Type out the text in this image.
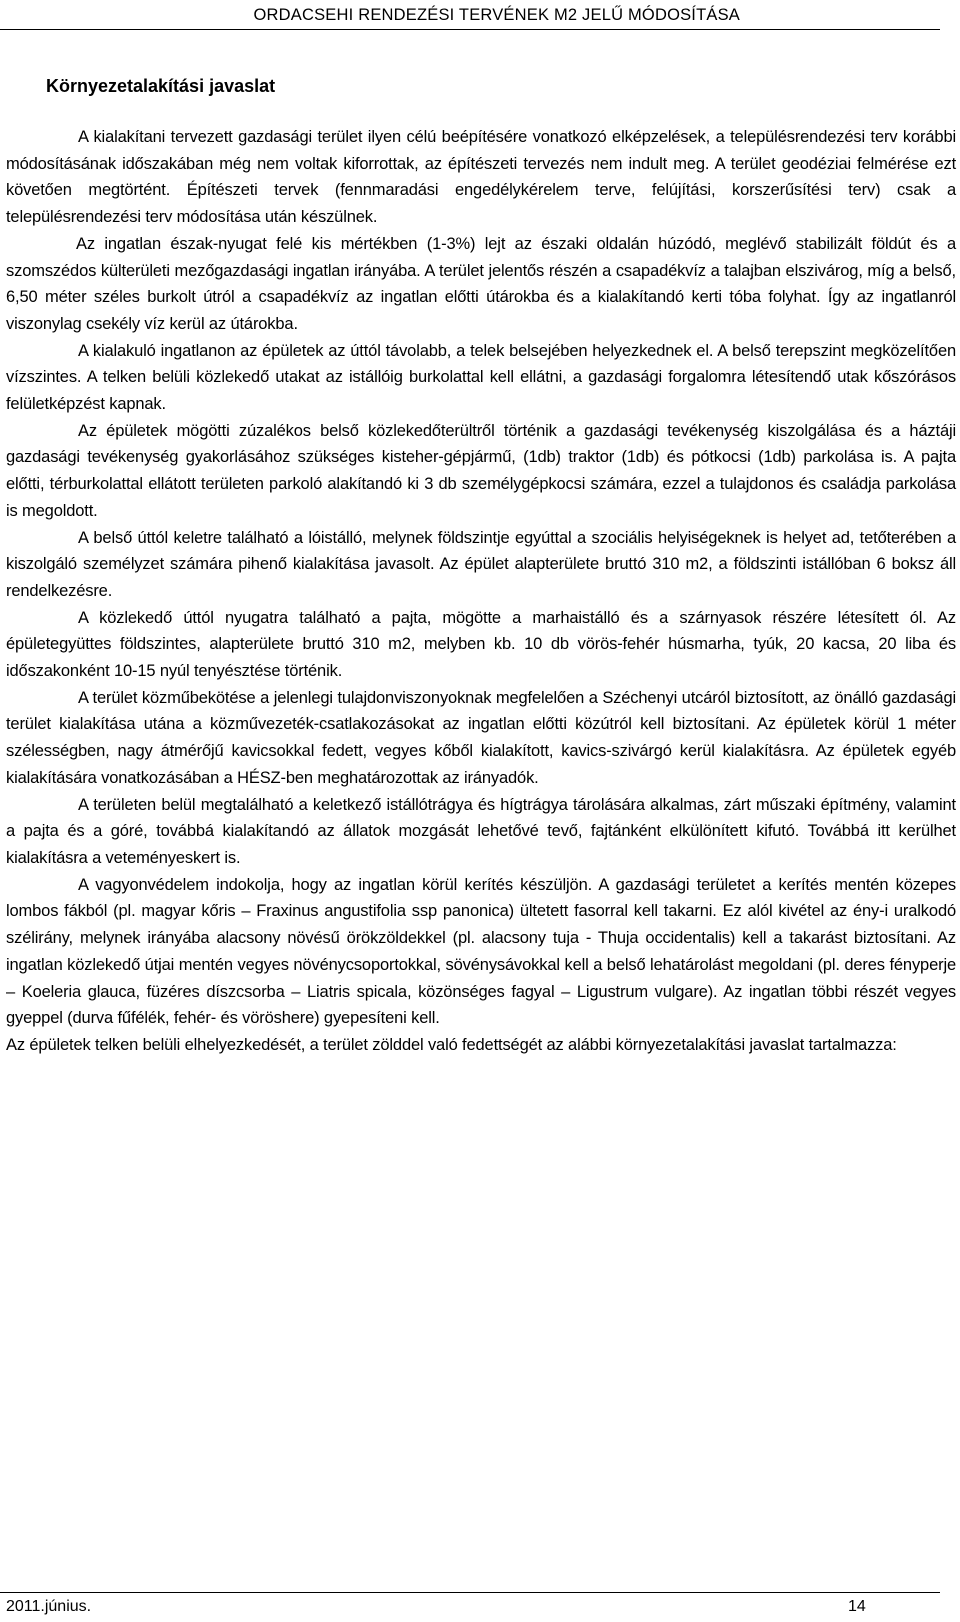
ORDACSEHI RENDEZÉSI TERVÉNEK M2 JELŰ MÓDOSÍTÁSA
Környezetalakítási javaslat

A kialakítani tervezett gazdasági terület ilyen célú beépítésére vonatkozó elképzelések, a településrendezési terv korábbi módosításának időszakában még nem voltak kiforrottak, az építészeti tervezés nem indult meg. A terület geodéziai felmérése ezt követően megtörtént. Építészeti tervek (fennmaradási engedélykérelem terve, felújítási, korszerűsítési terv) csak a településrendezési terv módosítása után készülnek.

Az ingatlan észak-nyugat felé kis mértékben (1-3%) lejt az északi oldalán húzódó, meglévő stabilizált földút és a szomszédos külterületi mezőgazdasági ingatlan irányába. A terület jelentős részén a csapadékvíz a talajban elszivárog, míg a belső, 6,50 méter széles burkolt útról a csapadékvíz az ingatlan előtti útárokba és a kialakítandó kerti tóba folyhat. Így az ingatlanról viszonylag csekély víz kerül az útárokba.

A kialakuló ingatlanon az épületek az úttól távolabb, a telek belsejében helyezkednek el. A belső terepszint megközelítően vízszintes. A telken belüli közlekedő utakat az istállóig burkolattal kell ellátni, a gazdasági forgalomra létesítendő utak kőszórásos felületképzést kapnak.

Az épületek mögötti zúzalékos belső közlekedőterültről történik a gazdasági tevékenység kiszolgálása és a háztáji gazdasági tevékenység gyakorlásához szükséges kisteher-gépjármű, (1db) traktor (1db) és pótkocsi (1db) parkolása is. A pajta előtti, térburkolattal ellátott területen parkoló alakítandó ki 3 db személygépkocsi számára, ezzel a tulajdonos és családja parkolása is megoldott.

A belső úttól keletre található a lóistálló, melynek földszintje egyúttal a szociális helyiségeknek is helyet ad, tetőterében a kiszolgáló személyzet számára pihenő kialakítása javasolt. Az épület alapterülete bruttó 310 m2, a földszinti istállóban 6 boksz áll rendelkezésre.

A közlekedő úttól nyugatra található a pajta, mögötte a marhaistálló és a szárnyasok részére létesített ól. Az épületegyüttes földszintes, alapterülete bruttó 310 m2, melyben kb. 10 db vörös-fehér húsmarha, tyúk, 20 kacsa, 20 liba és időszakonként 10-15 nyúl tenyésztése történik.

A terület közműbekötése a jelenlegi tulajdonviszonyoknak megfelelően a Széchenyi utcáról biztosított, az önálló gazdasági terület kialakítása utána a közművezeték-csatlakozásokat az ingatlan előtti közútról kell biztosítani. Az épületek körül 1 méter szélességben, nagy átmérőjű kavicsokkal fedett, vegyes kőből kialakított, kavics-szivárgó kerül kialakításra. Az épületek egyéb kialakítására vonatkozásában a HÉSZ-ben meghatározottak az irányadók.

A területen belül megtalálható a keletkező istállótrágya és hígtrágya tárolására alkalmas, zárt műszaki építmény, valamint a pajta és a góré, továbbá kialakítandó az állatok mozgását lehetővé tevő, fajtánként elkülönített kifutó. Továbbá itt kerülhet kialakításra a veteményeskert is.

A vagyonvédelem indokolja, hogy az ingatlan körül kerítés készüljön. A gazdasági területet a kerítés mentén közepes lombos fákból (pl. magyar kőris – Fraxinus angustifolia ssp panonica) ültetett fasorral kell takarni. Ez alól kivétel az ény-i uralkodó szélirány, melynek irányába alacsony növésű örökzöldekkel (pl. alacsony tuja - Thuja occidentalis) kell a takarást biztosítani. Az ingatlan közlekedő útjai mentén vegyes növénycsoportokkal, sövénysávokkal kell a belső lehatárolást megoldani (pl. deres fényperje – Koeleria glauca, füzéres díszcsorba – Liatris spicala, közönséges fagyal – Ligustrum vulgare). Az ingatlan többi részét vegyes gyeppel (durva fűfélék, fehér- és vöröshere) gyepesíteni kell.

Az épületek telken belüli elhelyezkedését, a terület zölddel való fedettségét az alábbi környezetalakítási javaslat tartalmazza:

2011.június.	14
